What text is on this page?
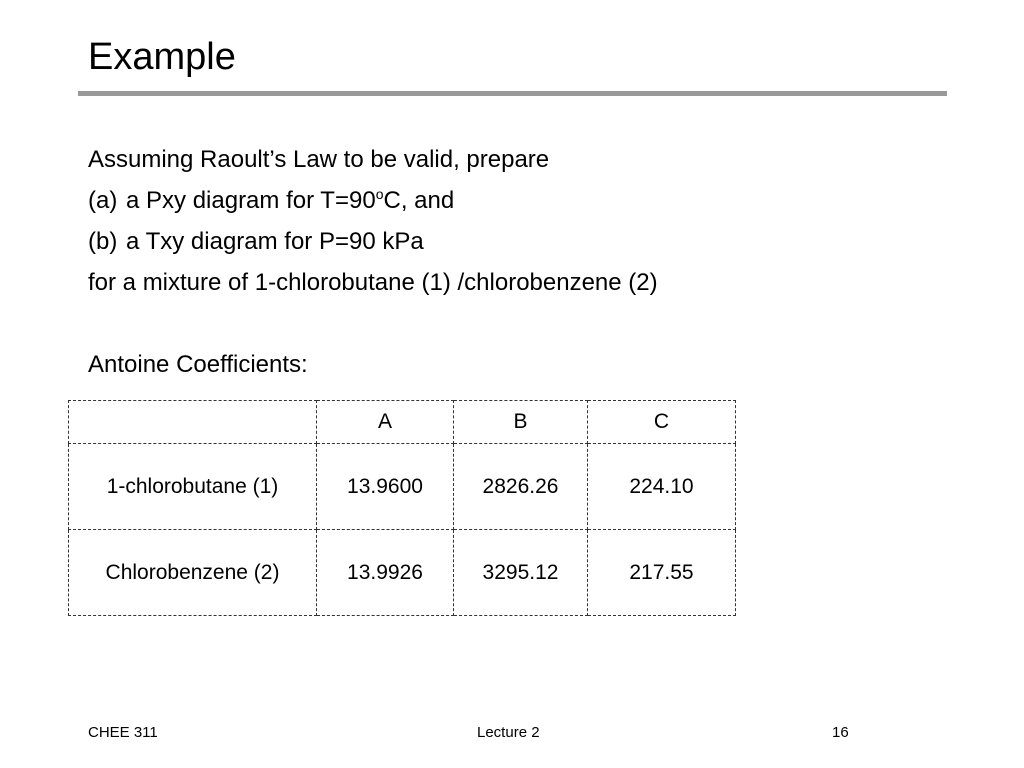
Example
Assuming Raoult’s Law to be valid, prepare
(a) a Pxy diagram for $T=90^oC$, and
(b) a Txy diagram for P=90 kPa
for a mixture of 1-chlorobutane (1) /chlorobenzene (2)
Antoine Coefficients:
	A	B	C
1-chlorobutane (1)	13.9600	2826.26	224.10
Chlorobenzene (2)	13.9926	3295.12	217.55
CHEE 311	Lecture 2	16
